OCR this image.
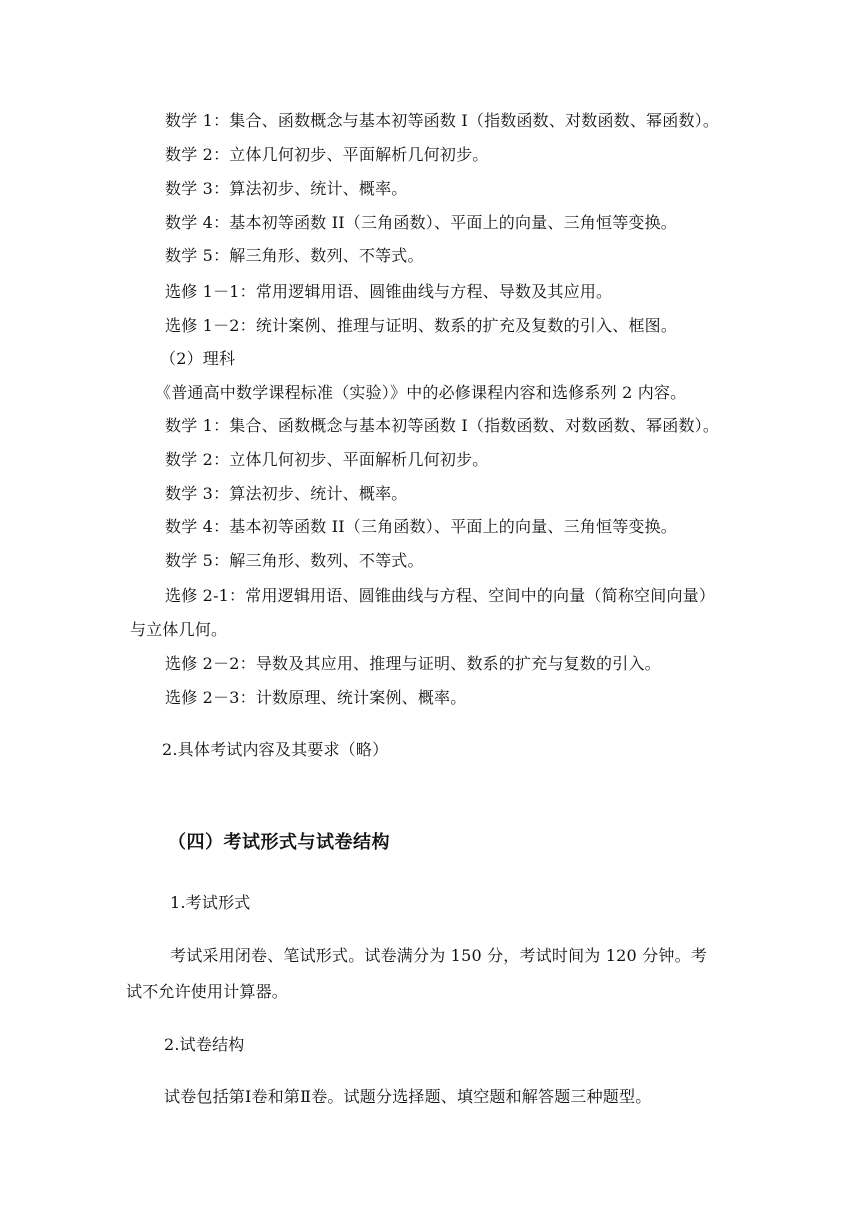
数学 1：集合、函数概念与基本初等函数 I（指数函数、对数函数、幂函数）。
数学 2：立体几何初步、平面解析几何初步。
数学 3：算法初步、统计、概率。
数学 4：基本初等函数 II（三角函数）、平面上的向量、三角恒等变换。
数学 5：解三角形、数列、不等式。
选修 1－1：常用逻辑用语、圆锥曲线与方程、导数及其应用。
选修 1－2：统计案例、推理与证明、数系的扩充及复数的引入、框图。
（2）理科
《普通高中数学课程标准（实验）》中的必修课程内容和选修系列 2 内容。
数学 1：集合、函数概念与基本初等函数 I（指数函数、对数函数、幂函数）。
数学 2：立体几何初步、平面解析几何初步。
数学 3：算法初步、统计、概率。
数学 4：基本初等函数 II（三角函数）、平面上的向量、三角恒等变换。
数学 5：解三角形、数列、不等式。
选修 2-1：常用逻辑用语、圆锥曲线与方程、空间中的向量（简称空间向量）
与立体几何。
选修 2－2：导数及其应用、推理与证明、数系的扩充与复数的引入。
选修 2－3：计数原理、统计案例、概率。
2.具体考试内容及其要求（略）
（四）考试形式与试卷结构
1.考试形式
考试采用闭卷、笔试形式。试卷满分为 150 分，考试时间为 120 分钟。考
试不允许使用计算器。
2.试卷结构
试卷包括第Ⅰ卷和第Ⅱ卷。试题分选择题、填空题和解答题三种题型。
